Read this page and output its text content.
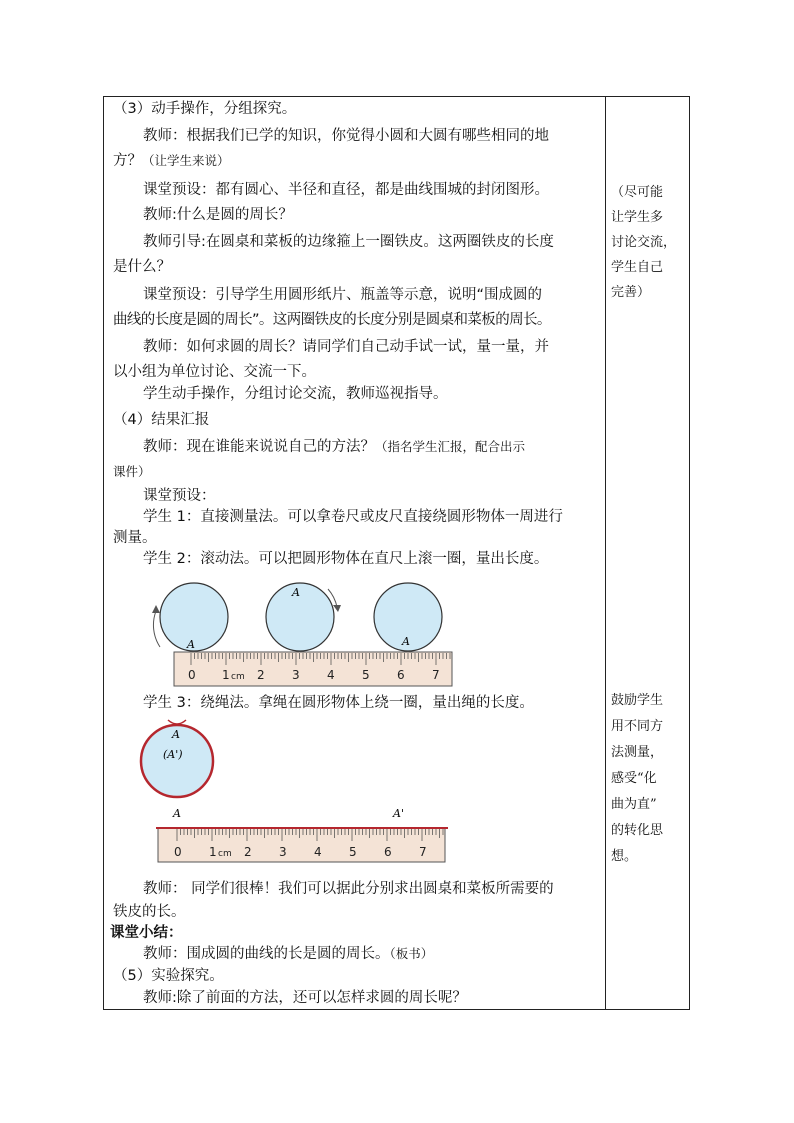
（3）动手操作，分组探究。
教师：根据我们已学的知识，你觉得小圆和大圆有哪些相同的地
方？（让学生来说）
课堂预设：都有圆心、半径和直径，都是曲线围城的封闭图形。
教师:什么是圆的周长？
教师引导:在圆桌和菜板的边缘箍上一圈铁皮。这两圈铁皮的长度
是什么？
课堂预设：引导学生用圆形纸片、瓶盖等示意，说明“围成圆的
曲线的长度是圆的周长”。这两圈铁皮的长度分别是圆桌和菜板的周长。
教师：如何求圆的周长？请同学们自己动手试一试，量一量，并
以小组为单位讨论、交流一下。
学生动手操作，分组讨论交流，教师巡视指导。
（4）结果汇报
教师：现在谁能来说说自己的方法？（指名学生汇报，配合出示
课件）
课堂预设：
学生 1：直接测量法。可以拿卷尺或皮尺直接绕圆形物体一周进行
测量。
学生 2：滚动法。可以把圆形物体在直尺上滚一圈，量出长度。
学生 3：绕绳法。拿绳在圆形物体上绕一圈，量出绳的长度。
教师： 同学们很棒！我们可以据此分别求出圆桌和菜板所需要的
铁皮的长。
课堂小结：
教师：围成圆的曲线的长是圆的周长。（板书）
（5）实验探究。
教师:除了前面的方法，还可以怎样求圆的周长呢？
（尽可能
让学生多
讨论交流，
学生自己
完善）
鼓励学生
用不同方
法测量，
感受“化
曲为直”
的转化思
想。
A
A
A
0 1 cm 2 3 4 5 6 7
A
(A')
A	A'
0 1 cm 2 3 4 5 6 7
